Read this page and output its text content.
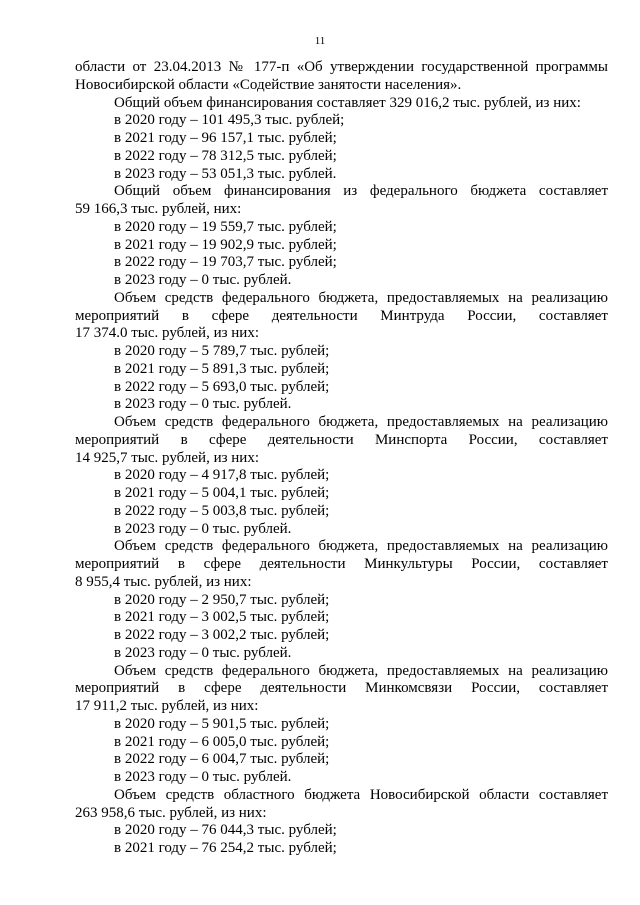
11
области от 23.04.2013 № 177-п «Об утверждении государственной программы
Новосибирской области «Содействие занятости населения».
Общий объем финансирования составляет 329 016,2 тыс. рублей, из них:
в 2020 году – 101 495,3 тыс. рублей;
в 2021 году – 96 157,1 тыс. рублей;
в 2022 году – 78 312,5 тыс. рублей;
в 2023 году – 53 051,3 тыс. рублей.
Общий объем финансирования из федерального бюджета составляет
59 166,3 тыс. рублей, них:
в 2020 году – 19 559,7 тыс. рублей;
в 2021 году – 19 902,9 тыс. рублей;
в 2022 году – 19 703,7 тыс. рублей;
в 2023 году – 0 тыс. рублей.
Объем средств федерального бюджета, предоставляемых на реализацию
мероприятий в сфере деятельности Минтруда России, составляет
17 374.0 тыс. рублей, из них:
в 2020 году – 5 789,7 тыс. рублей;
в 2021 году – 5 891,3 тыс. рублей;
в 2022 году – 5 693,0 тыс. рублей;
в 2023 году – 0 тыс. рублей.
Объем средств федерального бюджета, предоставляемых на реализацию
мероприятий в сфере деятельности Минспорта России, составляет
14 925,7 тыс. рублей, из них:
в 2020 году – 4 917,8 тыс. рублей;
в 2021 году – 5 004,1 тыс. рублей;
в 2022 году – 5 003,8 тыс. рублей;
в 2023 году – 0 тыс. рублей.
Объем средств федерального бюджета, предоставляемых на реализацию
мероприятий в сфере деятельности Минкультуры России, составляет
8 955,4 тыс. рублей, из них:
в 2020 году – 2 950,7 тыс. рублей;
в 2021 году – 3 002,5 тыс. рублей;
в 2022 году – 3 002,2 тыс. рублей;
в 2023 году – 0 тыс. рублей.
Объем средств федерального бюджета, предоставляемых на реализацию
мероприятий в сфере деятельности Минкомсвязи России, составляет
17 911,2 тыс. рублей, из них:
в 2020 году – 5 901,5 тыс. рублей;
в 2021 году – 6 005,0 тыс. рублей;
в 2022 году – 6 004,7 тыс. рублей;
в 2023 году – 0 тыс. рублей.
Объем средств областного бюджета Новосибирской области составляет
263 958,6 тыс. рублей, из них:
в 2020 году – 76 044,3 тыс. рублей;
в 2021 году – 76 254,2 тыс. рублей;
